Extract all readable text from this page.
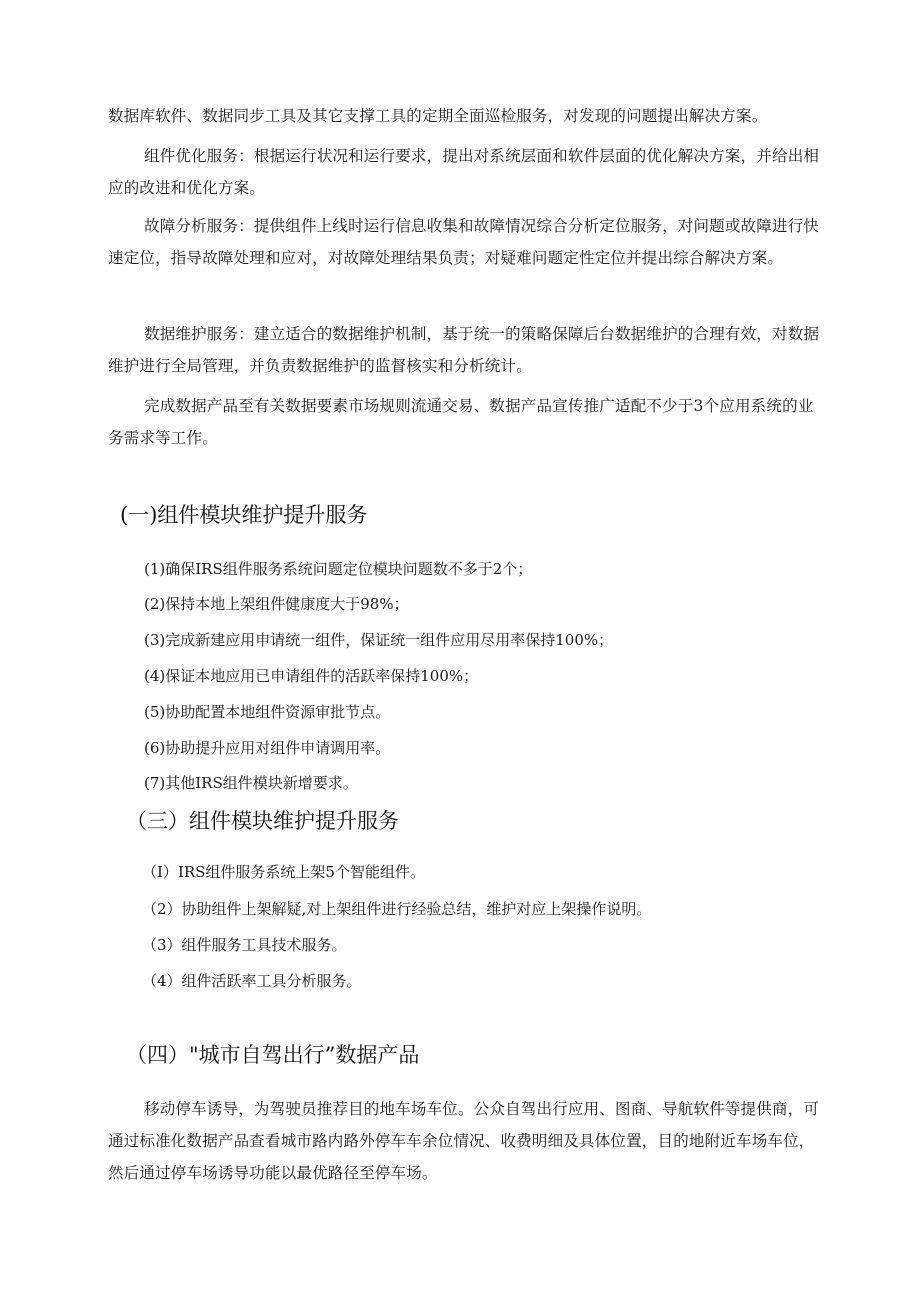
数据库软件、数据同步工具及其它支撑工具的定期全面巡检服务，对发现的问题提出解决方案。

组件优化服务：根据运行状况和运行要求，提出对系统层面和软件层面的优化解决方案，并给出相应的改进和优化方案。

故障分析服务：提供组件上线时运行信息收集和故障情况综合分析定位服务，对问题或故障进行快速定位，指导故障处理和应对，对故障处理结果负责；对疑难问题定性定位并提出综合解决方案。

数据维护服务：建立适合的数据维护机制，基于统一的策略保障后台数据维护的合理有效，对数据维护进行全局管理，并负责数据维护的监督核实和分析统计。

完成数据产品至有关数据要素市场规则流通交易、数据产品宣传推广适配不少于3个应用系统的业务需求等工作。

(一)组件模块维护提升服务

(1)确保IRS组件服务系统问题定位模块问题数不多于2个；

(2)保持本地上架组件健康度大于98%；

(3)完成新建应用申请统一组件，保证统一组件应用尽用率保持100%；

(4)保证本地应用已申请组件的活跃率保持100%；

(5)协助配置本地组件资源审批节点。

(6)协助提升应用对组件申请调用率。

(7)其他IRS组件模块新增要求。

（三）组件模块维护提升服务

（I）IRS组件服务系统上架5个智能组件。

（2）协助组件上架解疑,对上架组件进行经验总结，维护对应上架操作说明。

（3）组件服务工具技术服务。

（4）组件活跃率工具分析服务。

（四）"城市自驾出行”数据产品

移动停车诱导，为驾驶员推荐目的地车场车位。公众自驾出行应用、图商、导航软件等提供商，可通过标准化数据产品查看城市路内路外停车车余位情况、收费明细及具体位置，目的地附近车场车位，然后通过停车场诱导功能以最优路径至停车场。
